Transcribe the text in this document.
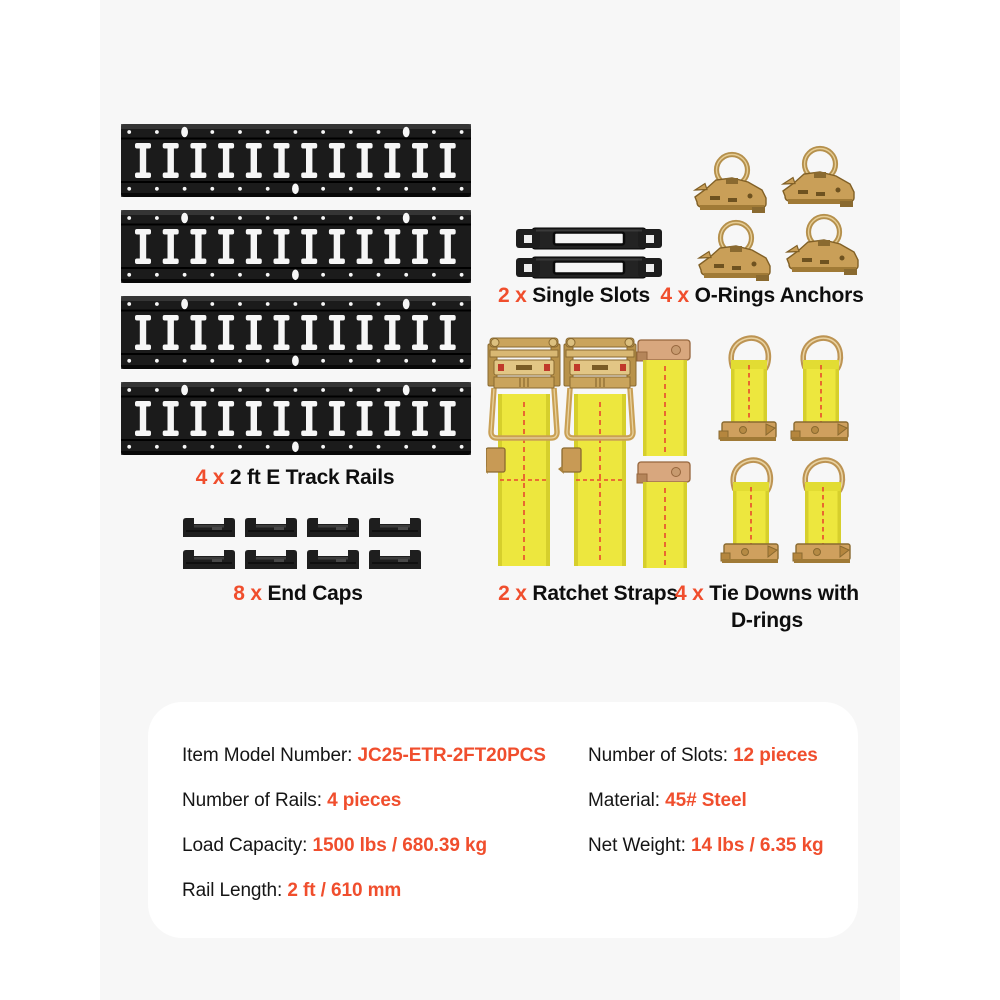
4 x 2 ft E Track Rails
2 x Single Slots 4 x O-Rings Anchors
8 x End Caps	2 x Ratchet Straps
4 x Tie Downs with D-rings
Item Model Number: JC25-ETR-2FT20PCS
Number of Rails: 4 pieces
Load Capacity: 1500 lbs / 680.39 kg
Rail Length: 2 ft / 610 mm
Number of Slots: 12 pieces
Material: 45# Steel
Net Weight: 14 lbs / 6.35 kg
